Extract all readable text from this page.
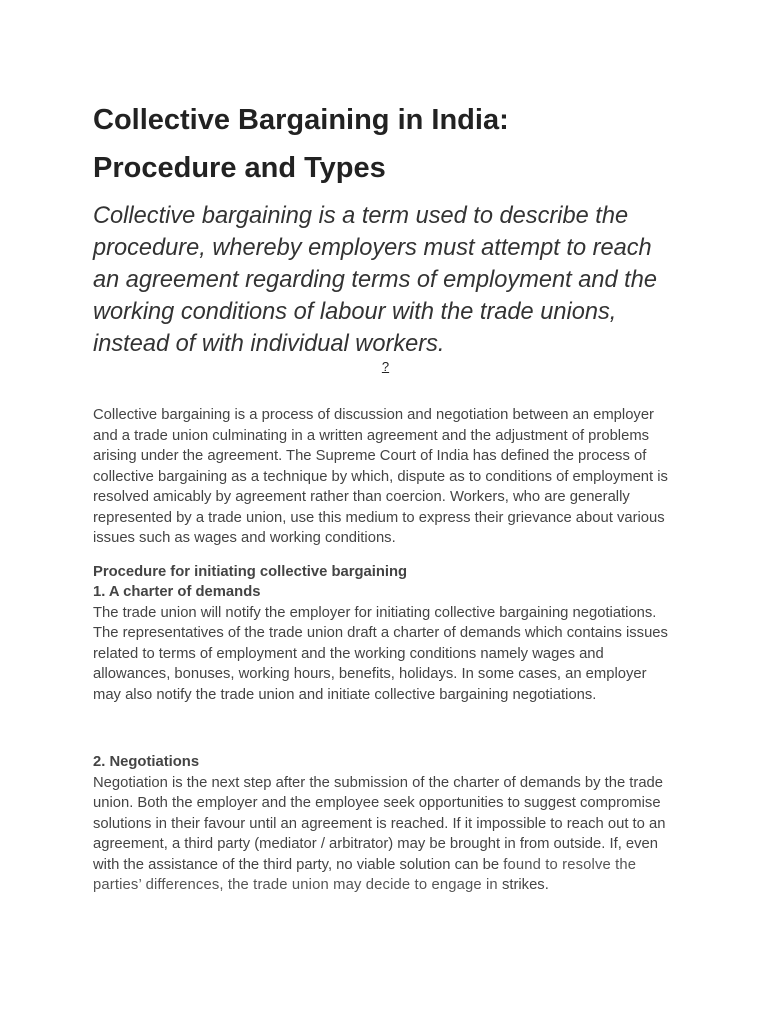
Collective Bargaining in India:
Procedure and Types

Collective bargaining is a term used to describe the procedure, whereby employers must attempt to reach an agreement regarding terms of employment and the working conditions of labour with the trade unions, instead of with individual workers.

?

Collective bargaining is a process of discussion and negotiation between an employer and a trade union culminating in a written agreement and the adjustment of problems arising under the agreement. The Supreme Court of India has defined the process of collective bargaining as a technique by which, dispute as to conditions of employment is resolved amicably by agreement rather than coercion. Workers, who are generally represented by a trade union, use this medium to express their grievance about various issues such as wages and working conditions.

Procedure for initiating collective bargaining

1. A charter of demands

The trade union will notify the employer for initiating collective bargaining negotiations. The representatives of the trade union draft a charter of demands which contains issues related to terms of employment and the working conditions namely wages and allowances, bonuses, working hours, benefits, holidays. In some cases, an employer may also notify the trade union and initiate collective bargaining negotiations.

2. Negotiations

Negotiation is the next step after the submission of the charter of demands by the trade union. Both the employer and the employee seek opportunities to suggest compromise solutions in their favour until an agreement is reached. If it impossible to reach out to an agreement, a third party (mediator / arbitrator) may be brought in from outside. If, even with the assistance of the third party, no viable solution can be found to resolve the parties’ differences, the trade union may decide to engage in strikes.
